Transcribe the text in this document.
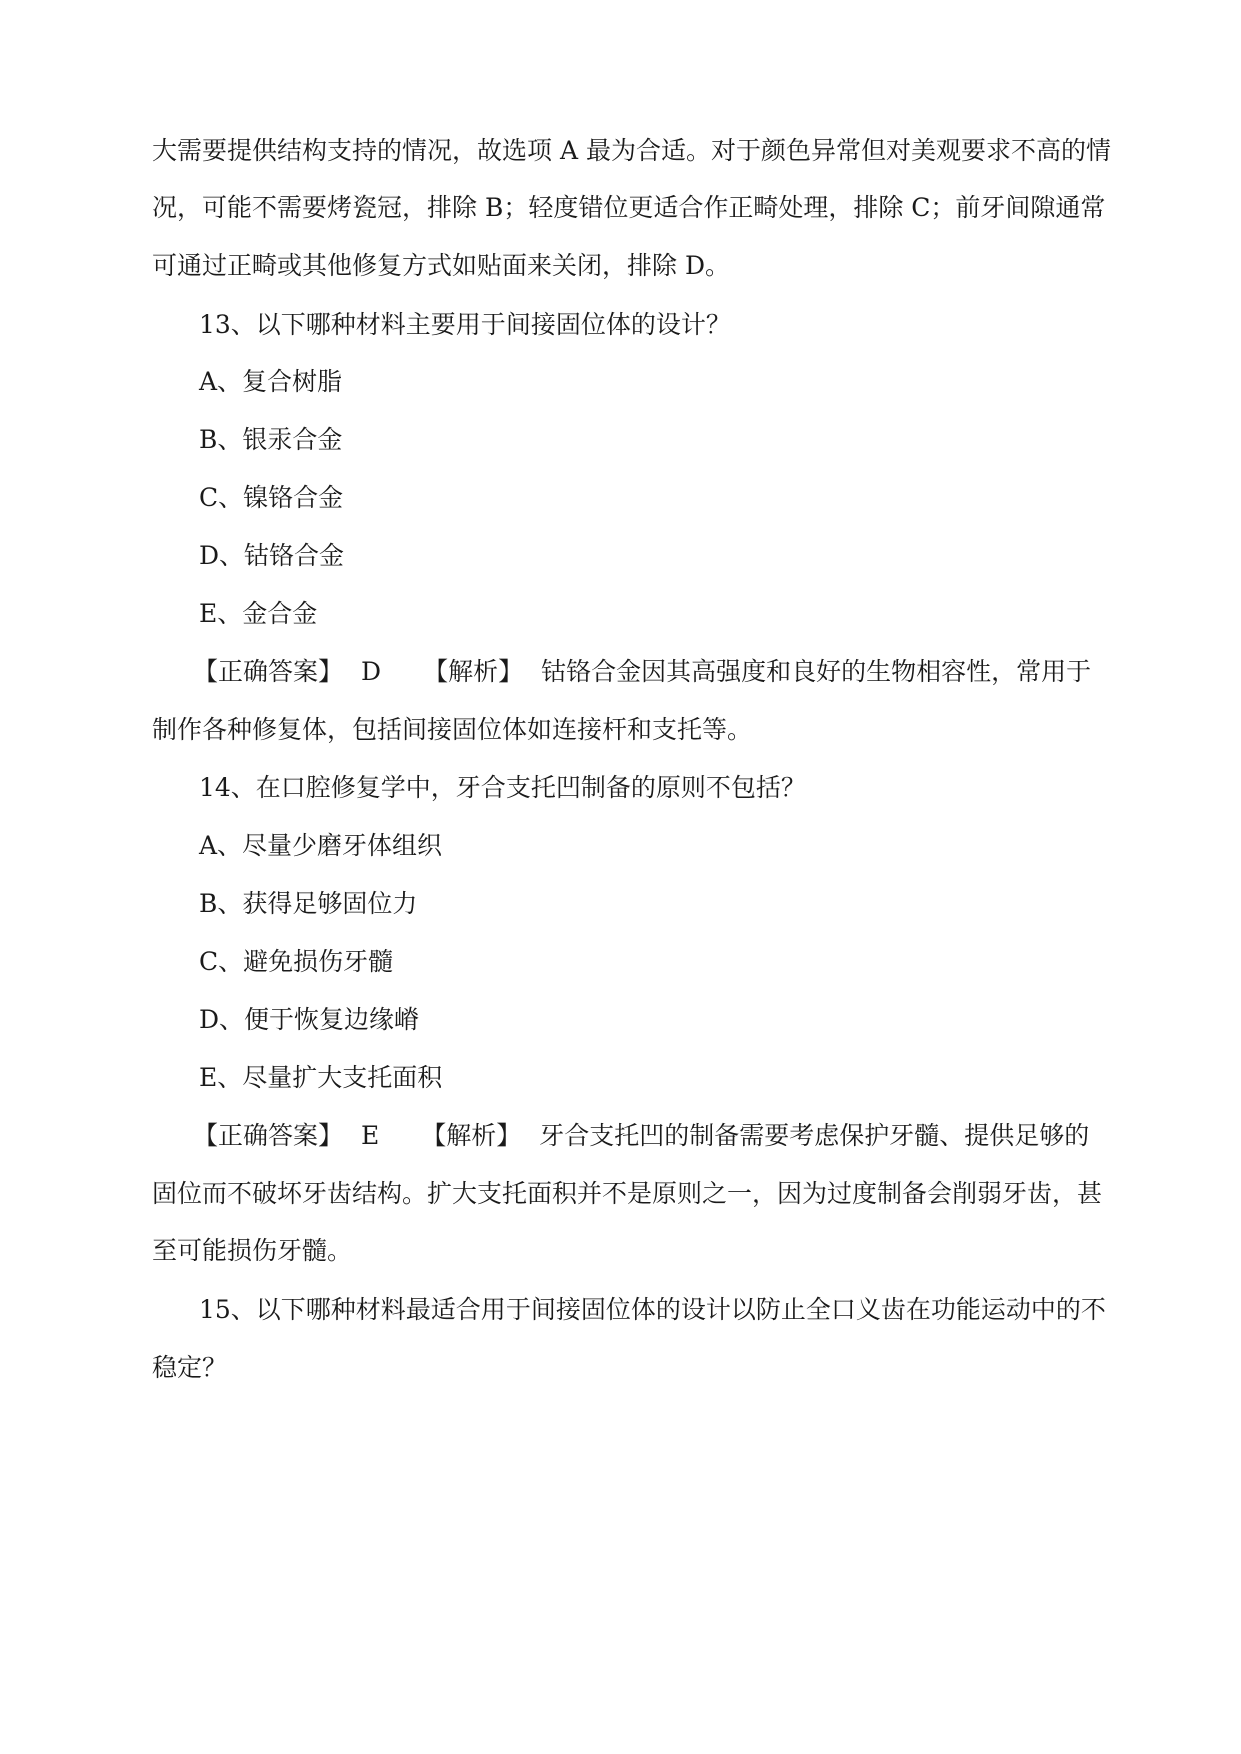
大需要提供结构支持的情况，故选项 A 最为合适。对于颜色异常但对美观要求不高的情
况，可能不需要烤瓷冠，排除 B；轻度错位更适合作正畸处理，排除 C；前牙间隙通常
可通过正畸或其他修复方式如贴面来关闭，排除 D。
13、以下哪种材料主要用于间接固位体的设计？
A、复合树脂
B、银汞合金
C、镍铬合金
D、钴铬合金
E、金合金
【正确答案】 D 【解析】 钴铬合金因其高强度和良好的生物相容性，常用于
制作各种修复体，包括间接固位体如连接杆和支托等。
14、在口腔修复学中，牙合支托凹制备的原则不包括？
A、尽量少磨牙体组织
B、获得足够固位力
C、避免损伤牙髓
D、便于恢复边缘嵴
E、尽量扩大支托面积
【正确答案】 E 【解析】 牙合支托凹的制备需要考虑保护牙髓、提供足够的
固位而不破坏牙齿结构。扩大支托面积并不是原则之一，因为过度制备会削弱牙齿，甚
至可能损伤牙髓。
15、以下哪种材料最适合用于间接固位体的设计以防止全口义齿在功能运动中的不
稳定？
